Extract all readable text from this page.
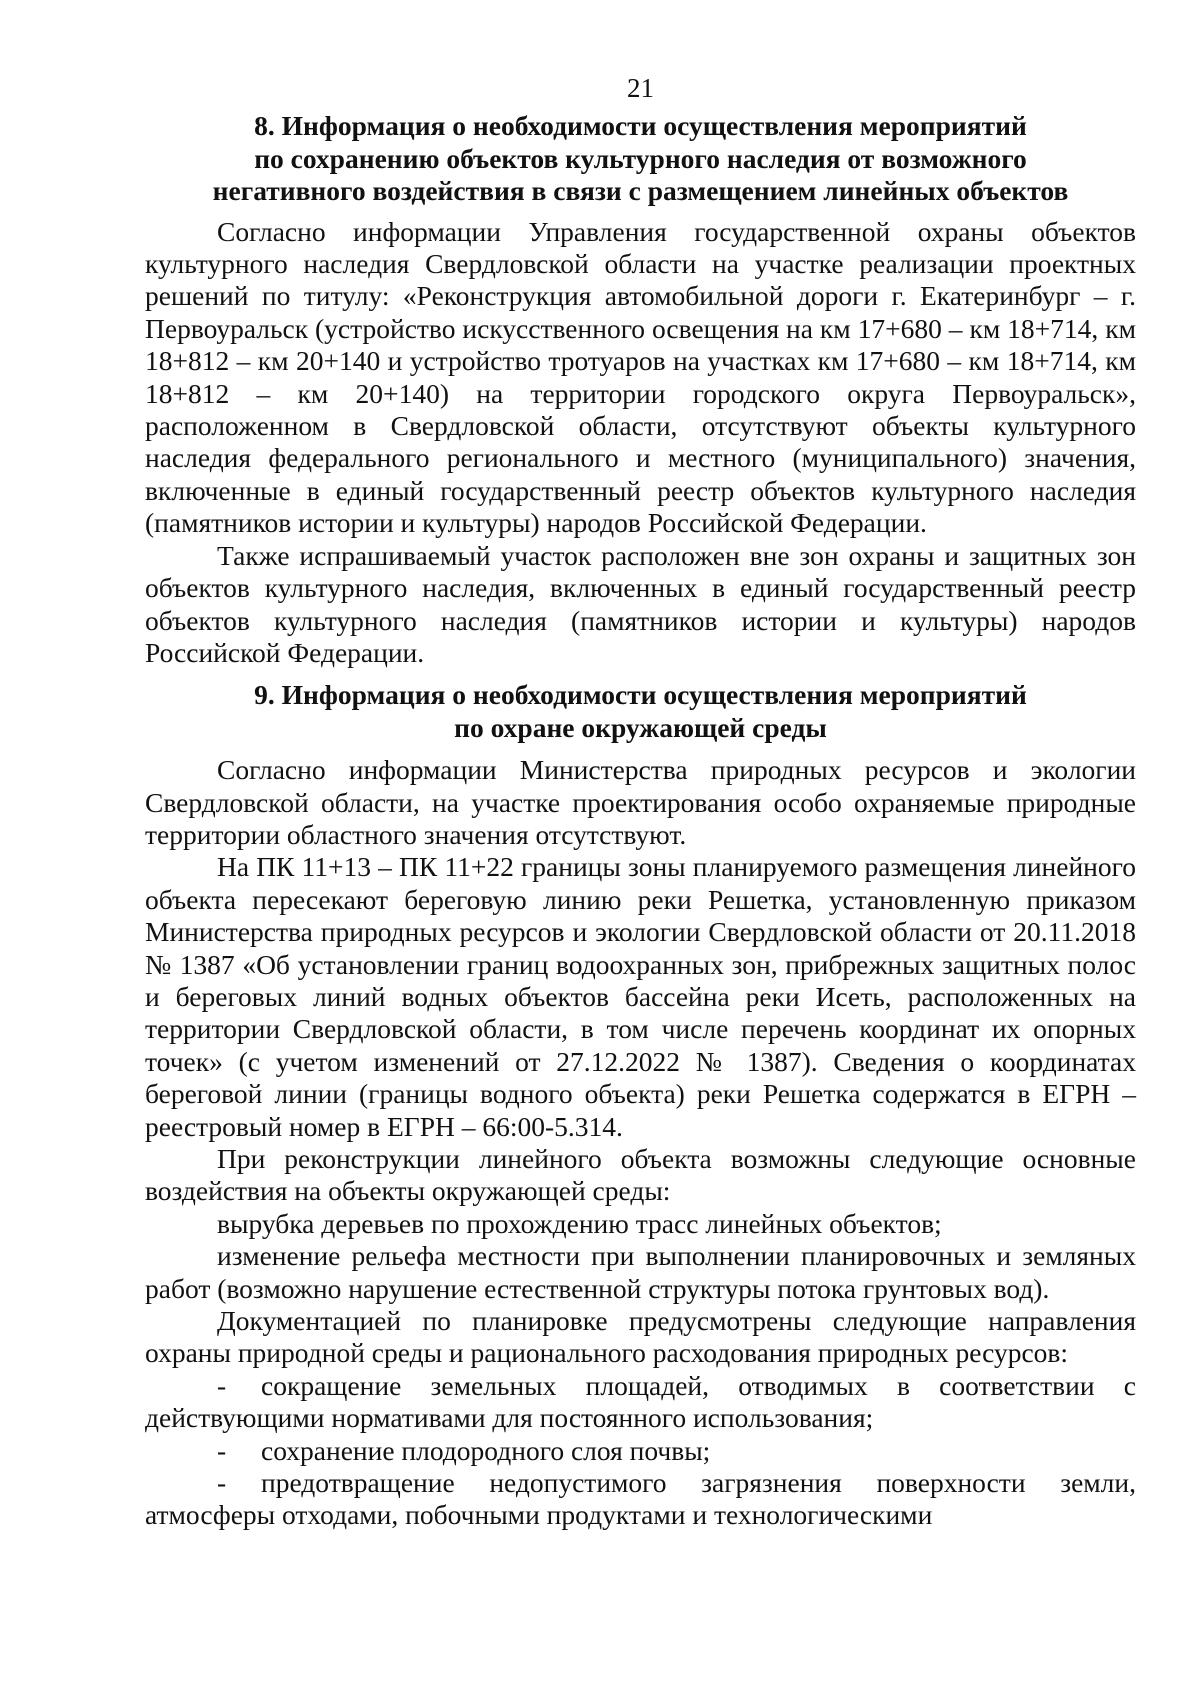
21
8. Информация о необходимости осуществления мероприятий
по сохранению объектов культурного наследия от возможного
негативного воздействия в связи с размещением линейных объектов

Согласно информации Управления государственной охраны объектов культурного наследия Свердловской области на участке реализации проектных решений по титулу: «Реконструкция автомобильной дороги г. Екатеринбург – г. Первоуральск (устройство искусственного освещения на км 17+680 – км 18+714, км 18+812 – км 20+140 и устройство тротуаров на участках км 17+680 – км 18+714, км 18+812 – км 20+140) на территории городского округа Первоуральск», расположенном в Свердловской области, отсутствуют объекты культурного наследия федерального регионального и местного (муниципального) значения, включенные в единый государственный реестр объектов культурного наследия (памятников истории и культуры) народов Российской Федерации.

Также испрашиваемый участок расположен вне зон охраны и защитных зон объектов культурного наследия, включенных в единый государственный реестр объектов культурного наследия (памятников истории и культуры) народов Российской Федерации.

9. Информация о необходимости осуществления мероприятий
по охране окружающей среды

Согласно информации Министерства природных ресурсов и экологии Свердловской области, на участке проектирования особо охраняемые природные территории областного значения отсутствуют.

На ПК 11+13 – ПК 11+22 границы зоны планируемого размещения линейного объекта пересекают береговую линию реки Решетка, установленную приказом Министерства природных ресурсов и экологии Свердловской области от 20.11.2018 № 1387 «Об установлении границ водоохранных зон, прибрежных защитных полос и береговых линий водных объектов бассейна реки Исеть, расположенных на территории Свердловской области, в том числе перечень координат их опорных точек» (с учетом изменений от 27.12.2022 № 1387). Сведения о координатах береговой линии (границы водного объекта) реки Решетка содержатся в ЕГРН – реестровый номер в ЕГРН – 66:00-5.314.

При реконструкции линейного объекта возможны следующие основные воздействия на объекты окружающей среды:

вырубка деревьев по прохождению трасс линейных объектов;

изменение рельефа местности при выполнении планировочных и земляных работ (возможно нарушение естественной структуры потока грунтовых вод).

Документацией по планировке предусмотрены следующие направления охраны природной среды и рационального расходования природных ресурсов:

- сокращение земельных площадей, отводимых в соответствии с действующими нормативами для постоянного использования;
- сохранение плодородного слоя почвы;
- предотвращение недопустимого загрязнения поверхности земли, атмосферы отходами, побочными продуктами и технологическими
